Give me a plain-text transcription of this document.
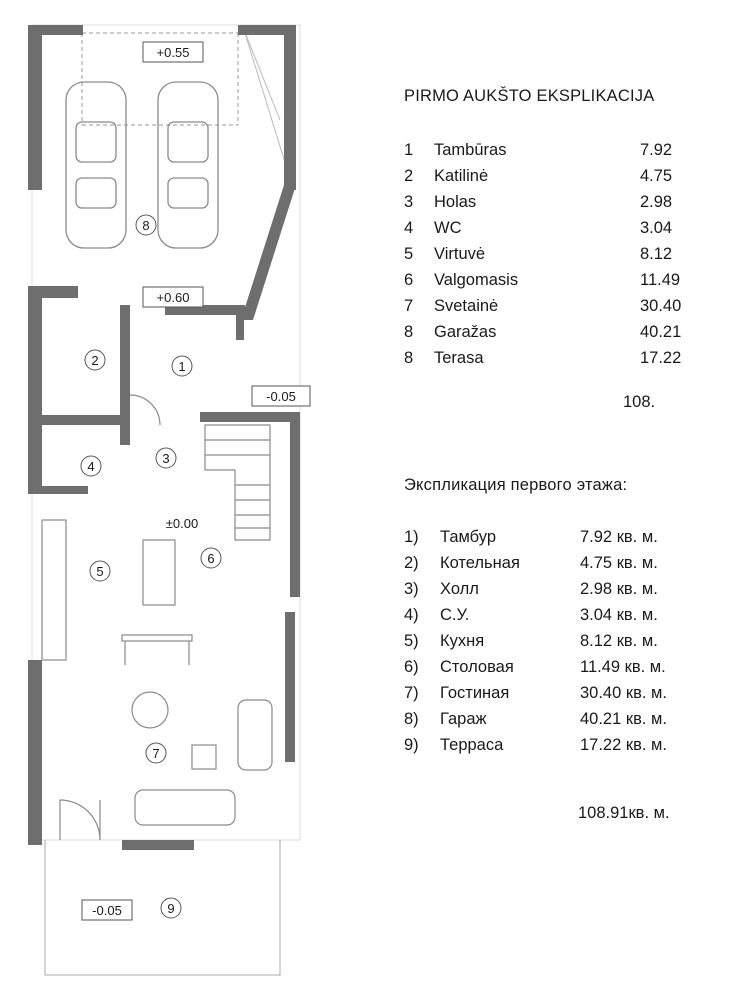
+0.55
+0.60
-0.05
±0.00
-0.05
1
2
3
4
5
6
7
8
9
PIRMO AUKŠTO EKSPLIKACIJA
1 Tambūras	7.92
2 Katilinė	4.75
3 Holas	2.98
4 WC	3.04
5 Virtuvė	8.12
6 Valgomasis	11.49
7 Svetainė	30.40
8 Garažas	40.21
8 Terasa	17.22
108.
Экспликация первого этажа:
1) Тамбур	7.92 кв. м.
2) Котельная	4.75 кв. м.
3) Холл	2.98 кв. м.
4) С.У.	3.04 кв. м.
5) Кухня	8.12 кв. м.
6) Столовая	11.49 кв. м.
7) Гостиная	30.40 кв. м.
8) Гараж	40.21 кв. м.
9) Терраса	17.22 кв. м.
108.91кв. м.
